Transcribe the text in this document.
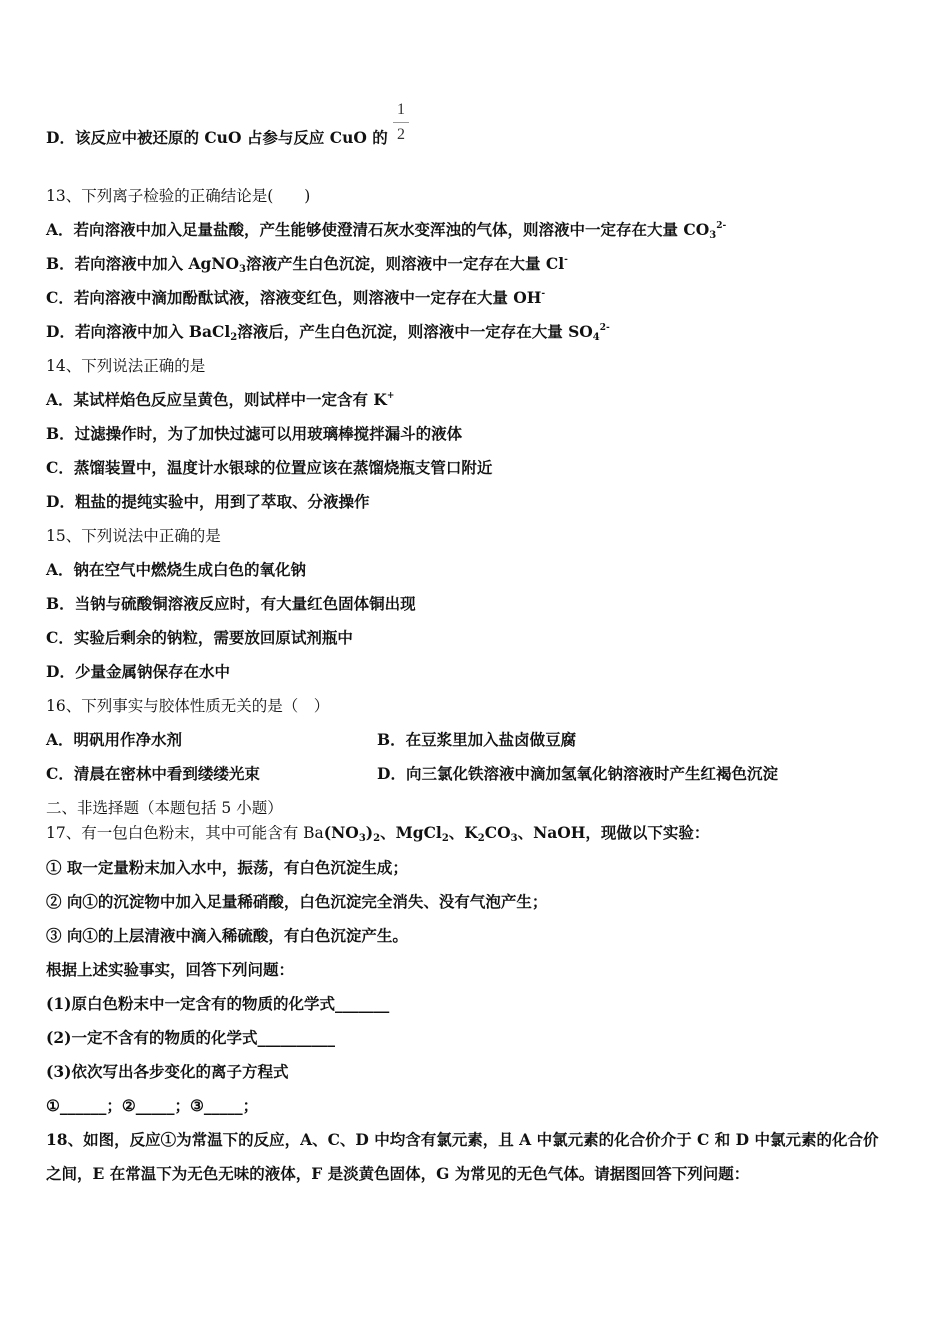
D．该反应中被还原的 CuO 占参与反应 CuO 的
1
2
13、下列离子检验的正确结论是(　　)
A．若向溶液中加入足量盐酸，产生能够使澄清石灰水变浑浊的气体，则溶液中一定存在大量 $CO_3^{2-}$
B．若向溶液中加入 AgNO$_3$溶液产生白色沉淀，则溶液中一定存在大量 Cl-
C．若向溶液中滴加酚酞试液，溶液变红色，则溶液中一定存在大量 OH-
D．若向溶液中加入 BaCl$_2$溶液后，产生白色沉淀，则溶液中一定存在大量 $SO_4^{2-}$
14、下列说法正确的是
A．某试样焰色反应呈黄色，则试样中一定含有 K+
B．过滤操作时，为了加快过滤可以用玻璃棒搅拌漏斗的液体
C．蒸馏装置中，温度计水银球的位置应该在蒸馏烧瓶支管口附近
D．粗盐的提纯实验中，用到了萃取、分液操作
15、下列说法中正确的是
A．钠在空气中燃烧生成白色的氧化钠
B．当钠与硫酸铜溶液反应时，有大量红色固体铜出现
C．实验后剩余的钠粒，需要放回原试剂瓶中
D．少量金属钠保存在水中
16、下列事实与胶体性质无关的是（　）
A．明矾用作净水剂	B．在豆浆里加入盐卤做豆腐
C．清晨在密林中看到缕缕光束	D．向三氯化铁溶液中滴加氢氧化钠溶液时产生红褐色沉淀
二、非选择题（本题包括 5 小题）
17、有一包白色粉末，其中可能含有 $Ba(NO_3)_2$、MgCl$_2$、$K_2CO_3$、NaOH，现做以下实验：
① 取一定量粉末加入水中，振荡，有白色沉淀生成；
② 向①的沉淀物中加入足量稀硝酸，白色沉淀完全消失、没有气泡产生；
③ 向①的上层清液中滴入稀硫酸，有白色沉淀产生。
根据上述实验事实，回答下列问题：
(1)原白色粉末中一定含有的物质的化学式_______
(2)一定不含有的物质的化学式__________
(3)依次写出各步变化的离子方程式
①______；②_____；③_____；
18、如图，反应①为常温下的反应，A、C、D 中均含有氯元素，且 A 中氯元素的化合价介于 C 和 D 中氯元素的化合价
之间，E 在常温下为无色无味的液体，F 是淡黄色固体，G 为常见的无色气体。请据图回答下列问题：
